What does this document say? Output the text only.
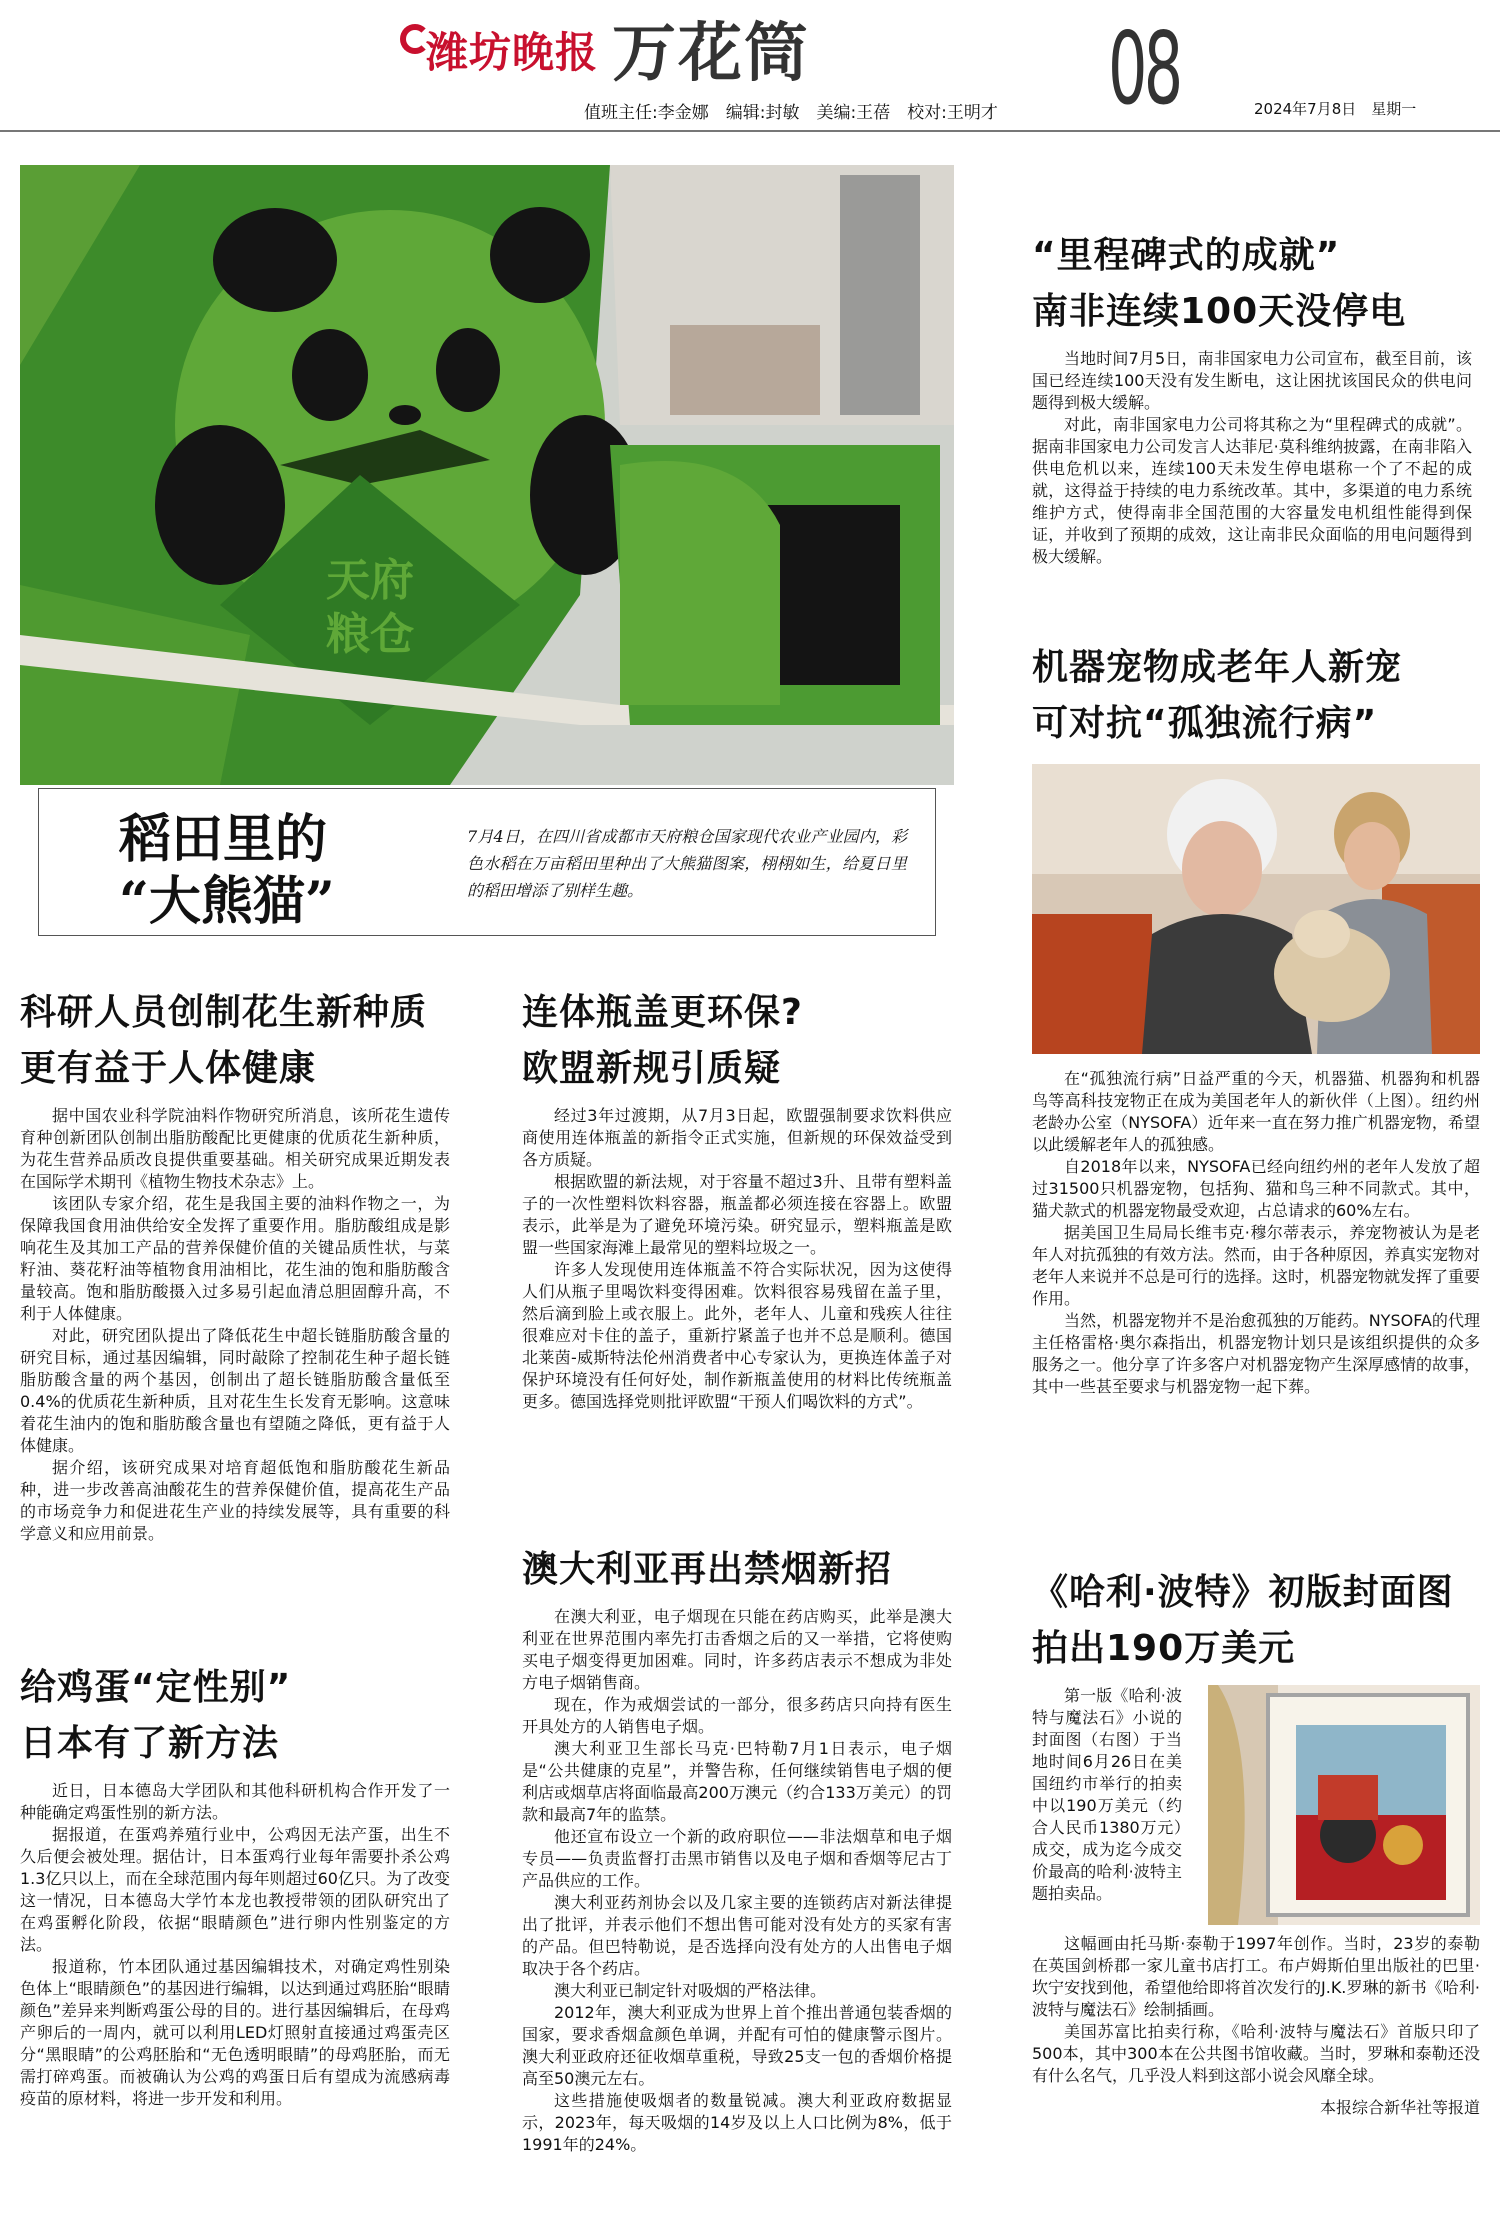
潍坊晚报 万花筒	08
值班主任:李金娜　编辑:封敏　美编:王蓓　校对:王明才	2024年7月8日　星期一
天府
粮仓
稻田里的
“大熊猫”
7月4日，在四川省成都市天府粮仓国家现代农业产业园内，彩色水稻在万亩稻田里种出了大熊猫图案，栩栩如生，给夏日里的稻田增添了别样生趣。
科研人员创制花生新种质
更有益于人体健康

据中国农业科学院油料作物研究所消息，该所花生遗传育种创新团队创制出脂肪酸配比更健康的优质花生新种质，为花生营养品质改良提供重要基础。相关研究成果近期发表在国际学术期刊《植物生物技术杂志》上。

该团队专家介绍，花生是我国主要的油料作物之一，为保障我国食用油供给安全发挥了重要作用。脂肪酸组成是影响花生及其加工产品的营养保健价值的关键品质性状，与菜籽油、葵花籽油等植物食用油相比，花生油的饱和脂肪酸含量较高。饱和脂肪酸摄入过多易引起血清总胆固醇升高，不利于人体健康。

对此，研究团队提出了降低花生中超长链脂肪酸含量的研究目标，通过基因编辑，同时敲除了控制花生种子超长链脂肪酸含量的两个基因，创制出了超长链脂肪酸含量低至0.4%的优质花生新种质，且对花生生长发育无影响。这意味着花生油内的饱和脂肪酸含量也有望随之降低，更有益于人体健康。

据介绍，该研究成果对培育超低饱和脂肪酸花生新品种，进一步改善高油酸花生的营养保健价值，提高花生产品的市场竞争力和促进花生产业的持续发展等，具有重要的科学意义和应用前景。

给鸡蛋“定性别”
日本有了新方法

近日，日本德岛大学团队和其他科研机构合作开发了一种能确定鸡蛋性别的新方法。

据报道，在蛋鸡养殖行业中，公鸡因无法产蛋，出生不久后便会被处理。据估计，日本蛋鸡行业每年需要扑杀公鸡1.3亿只以上，而在全球范围内每年则超过60亿只。为了改变这一情况，日本德岛大学竹本龙也教授带领的团队研究出了在鸡蛋孵化阶段，依据“眼睛颜色”进行卵内性别鉴定的方法。

报道称，竹本团队通过基因编辑技术，对确定鸡性别染色体上“眼睛颜色”的基因进行编辑，以达到通过鸡胚胎“眼睛颜色”差异来判断鸡蛋公母的目的。进行基因编辑后，在母鸡产卵后的一周内，就可以利用LED灯照射直接通过鸡蛋壳区分“黑眼睛”的公鸡胚胎和“无色透明眼睛”的母鸡胚胎，而无需打碎鸡蛋。而被确认为公鸡的鸡蛋日后有望成为流感病毒疫苗的原材料，将进一步开发和利用。

连体瓶盖更环保?
欧盟新规引质疑

经过3年过渡期，从7月3日起，欧盟强制要求饮料供应商使用连体瓶盖的新指令正式实施，但新规的环保效益受到各方质疑。

根据欧盟的新法规，对于容量不超过3升、且带有塑料盖子的一次性塑料饮料容器，瓶盖都必须连接在容器上。欧盟表示，此举是为了避免环境污染。研究显示，塑料瓶盖是欧盟一些国家海滩上最常见的塑料垃圾之一。

许多人发现使用连体瓶盖不符合实际状况，因为这使得人们从瓶子里喝饮料变得困难。饮料很容易残留在盖子里，然后滴到脸上或衣服上。此外，老年人、儿童和残疾人往往很难应对卡住的盖子，重新拧紧盖子也并不总是顺利。德国北莱茵-威斯特法伦州消费者中心专家认为，更换连体盖子对保护环境没有任何好处，制作新瓶盖使用的材料比传统瓶盖更多。德国选择党则批评欧盟“干预人们喝饮料的方式”。

澳大利亚再出禁烟新招

在澳大利亚，电子烟现在只能在药店购买，此举是澳大利亚在世界范围内率先打击香烟之后的又一举措，它将使购买电子烟变得更加困难。同时，许多药店表示不想成为非处方电子烟销售商。

现在，作为戒烟尝试的一部分，很多药店只向持有医生开具处方的人销售电子烟。

澳大利亚卫生部长马克·巴特勒7月1日表示，电子烟是“公共健康的克星”，并警告称，任何继续销售电子烟的便利店或烟草店将面临最高200万澳元（约合133万美元）的罚款和最高7年的监禁。

他还宣布设立一个新的政府职位——非法烟草和电子烟专员——负责监督打击黑市销售以及电子烟和香烟等尼古丁产品供应的工作。

澳大利亚药剂协会以及几家主要的连锁药店对新法律提出了批评，并表示他们不想出售可能对没有处方的买家有害的产品。但巴特勒说，是否选择向没有处方的人出售电子烟取决于各个药店。

澳大利亚已制定针对吸烟的严格法律。

2012年，澳大利亚成为世界上首个推出普通包装香烟的国家，要求香烟盒颜色单调，并配有可怕的健康警示图片。澳大利亚政府还征收烟草重税，导致25支一包的香烟价格提高至50澳元左右。

这些措施使吸烟者的数量锐减。澳大利亚政府数据显示，2023年，每天吸烟的14岁及以上人口比例为8%，低于1991年的24%。

“里程碑式的成就”
南非连续100天没停电

当地时间7月5日，南非国家电力公司宣布，截至目前，该国已经连续100天没有发生断电，这让困扰该国民众的供电问题得到极大缓解。

对此，南非国家电力公司将其称之为“里程碑式的成就”。据南非国家电力公司发言人达菲尼·莫科维纳披露，在南非陷入供电危机以来，连续100天未发生停电堪称一个了不起的成就，这得益于持续的电力系统改革。其中，多渠道的电力系统维护方式，使得南非全国范围的大容量发电机组性能得到保证，并收到了预期的成效，这让南非民众面临的用电问题得到极大缓解。

机器宠物成老年人新宠
可对抗“孤独流行病”

在“孤独流行病”日益严重的今天，机器猫、机器狗和机器鸟等高科技宠物正在成为美国老年人的新伙伴（上图）。纽约州老龄办公室（NYSOFA）近年来一直在努力推广机器宠物，希望以此缓解老年人的孤独感。

自2018年以来，NYSOFA已经向纽约州的老年人发放了超过31500只机器宠物，包括狗、猫和鸟三种不同款式。其中，猫犬款式的机器宠物最受欢迎，占总请求的60%左右。

据美国卫生局局长维韦克·穆尔蒂表示，养宠物被认为是老年人对抗孤独的有效方法。然而，由于各种原因，养真实宠物对老年人来说并不总是可行的选择。这时，机器宠物就发挥了重要作用。

当然，机器宠物并不是治愈孤独的万能药。NYSOFA的代理主任格雷格·奥尔森指出，机器宠物计划只是该组织提供的众多服务之一。他分享了许多客户对机器宠物产生深厚感情的故事，其中一些甚至要求与机器宠物一起下葬。

《哈利·波特》初版封面图
拍出190万美元
第一版《哈利·波特与魔法石》小说的封面图（右图）于当地时间6月26日在美国纽约市举行的拍卖中以190万美元（约合人民币1380万元）成交，成为迄今成交价最高的哈利·波特主题拍卖品。

这幅画由托马斯·泰勒于1997年创作。当时，23岁的泰勒在英国剑桥郡一家儿童书店打工。布卢姆斯伯里出版社的巴里·坎宁安找到他，希望他给即将首次发行的J.K.罗琳的新书《哈利·波特与魔法石》绘制插画。

美国苏富比拍卖行称，《哈利·波特与魔法石》首版只印了500本，其中300本在公共图书馆收藏。当时，罗琳和泰勒还没有什么名气，几乎没人料到这部小说会风靡全球。

本报综合新华社等报道
